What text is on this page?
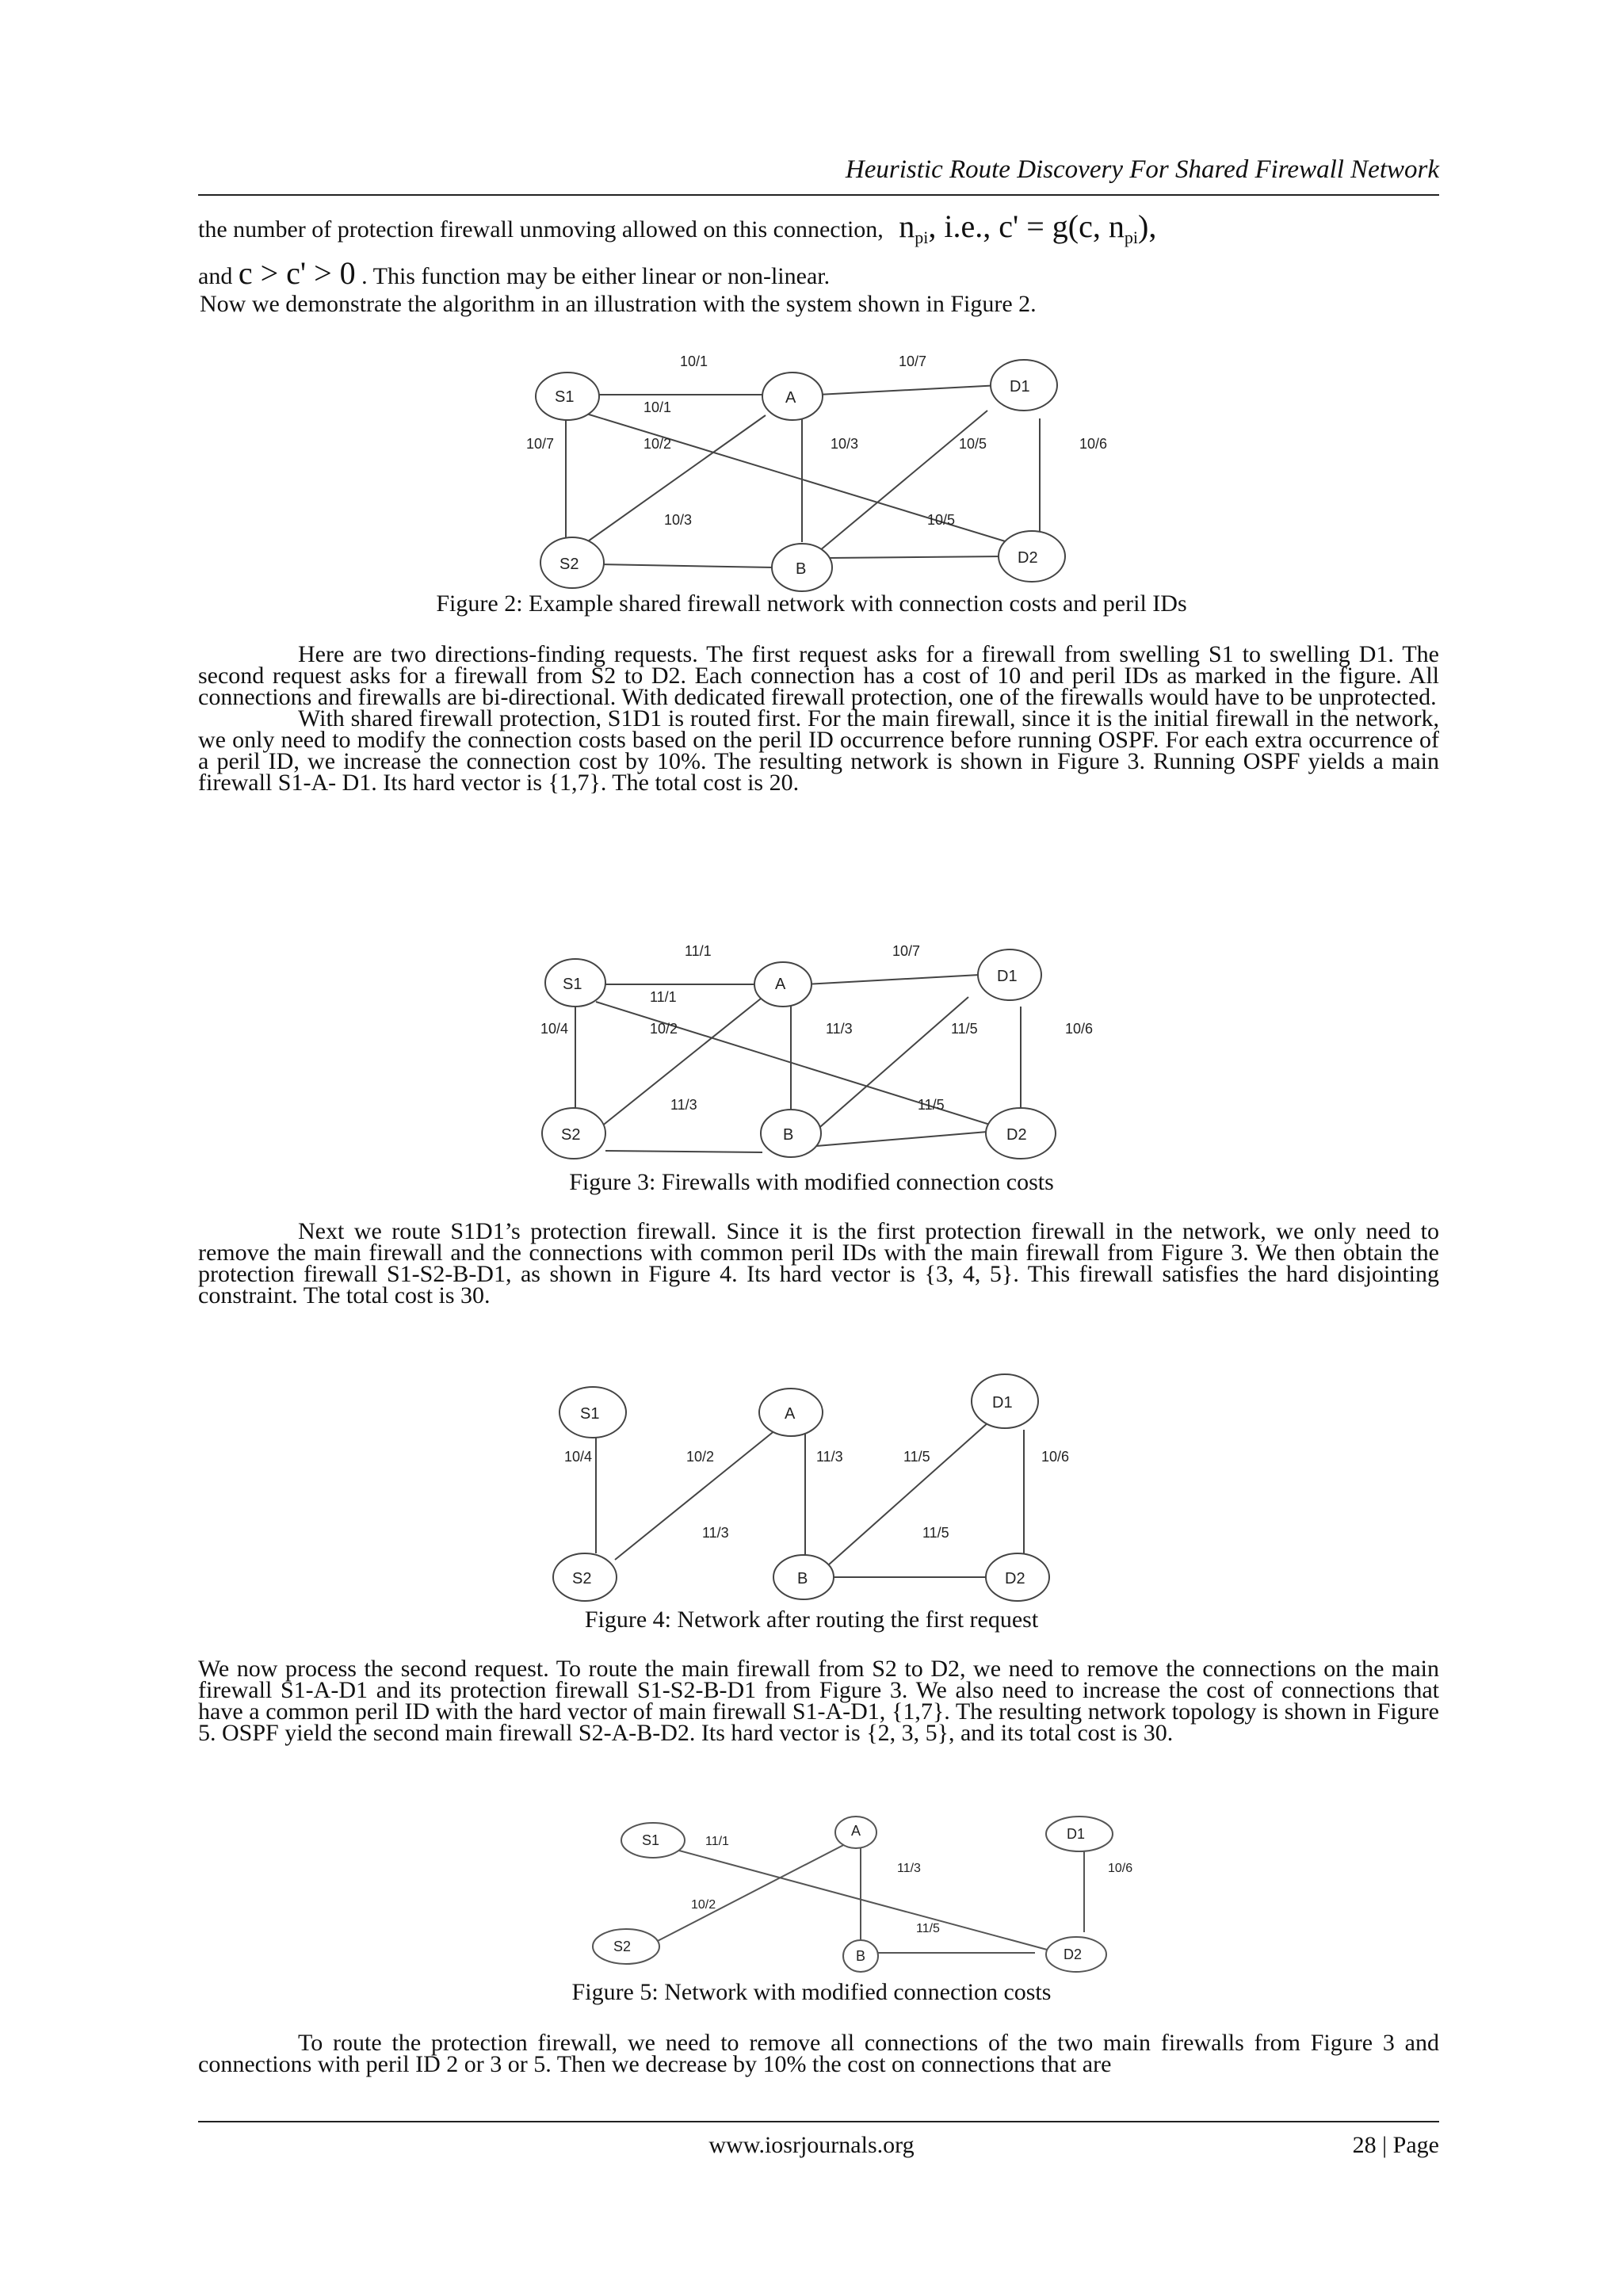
Heuristic Route Discovery For Shared Firewall Network
the number of protection firewall unmoving allowed on this connection, $n_{pi}$, i.e., c' = g(c, $n_{pi}$),
and c > c' > 0 . This function may be either linear or non-linear.
Now we demonstrate the algorithm in an illustration with the system shown in Figure 2.
S1	A
D1
S2	B
D2
10/1
10/1
10/7
10/7	10/2	10/3	10/5	10/6
10/3	10/5
Figure 2: Example shared firewall network with connection costs and peril IDs

Here are two directions-finding requests. The first request asks for a firewall from swelling S1 to swelling D1. The second request asks for a firewall from S2 to D2. Each connection has a cost of 10 and peril IDs as marked in the figure. All connections and firewalls are bi-directional. With dedicated firewall protection, one of the firewalls would have to be unprotected.

With shared firewall protection, S1D1 is routed first. For the main firewall, since it is the initial firewall in the network, we only need to modify the connection costs based on the peril ID occurrence before running OSPF. For each extra occurrence of a peril ID, we increase the connection cost by 10%. The resulting network is shown in Figure 3. Running OSPF yields a main firewall S1-A- D1. Its hard vector is {1,7}. The total cost is 20.

S1	A	D1
S2	B	D2
11/1
11/1
10/7
10/4	10/2	11/3	11/5	10/6
11/3	11/5
Figure 3: Firewalls with modified connection costs

Next we route S1D1’s protection firewall. Since it is the first protection firewall in the network, we only need to remove the main firewall and the connections with common peril IDs with the main firewall from Figure 3. We then obtain the protection firewall S1-S2-B-D1, as shown in Figure 4. Its hard vector is {3, 4, 5}. This firewall satisfies the hard disjointing constraint. The total cost is 30.

S1	A
D1
S2	B	D2
10/4	10/2	11/3	11/5	10/6
11/3	11/5
Figure 4: Network after routing the first request

We now process the second request. To route the main firewall from S2 to D2, we need to remove the connections on the main firewall S1-A-D1 and its protection firewall S1-S2-B-D1 from Figure 3. We also need to increase the cost of connections that have a common peril ID with the hard vector of main firewall S1-A-D1, {1,7}. The resulting network topology is shown in Figure 5. OSPF yield the second main firewall S2-A-B-D2. Its hard vector is {2, 3, 5}, and its total cost is 30.

S1
A	D1
S2
B	D2
11/1
11/3
10/2
11/5
10/6
Figure 5: Network with modified connection costs

To route the protection firewall, we need to remove all connections of the two main firewalls from Figure 3 and connections with peril ID 2 or 3 or 5. Then we decrease by 10% the cost on connections that are

www.iosrjournals.org	28 | Page
